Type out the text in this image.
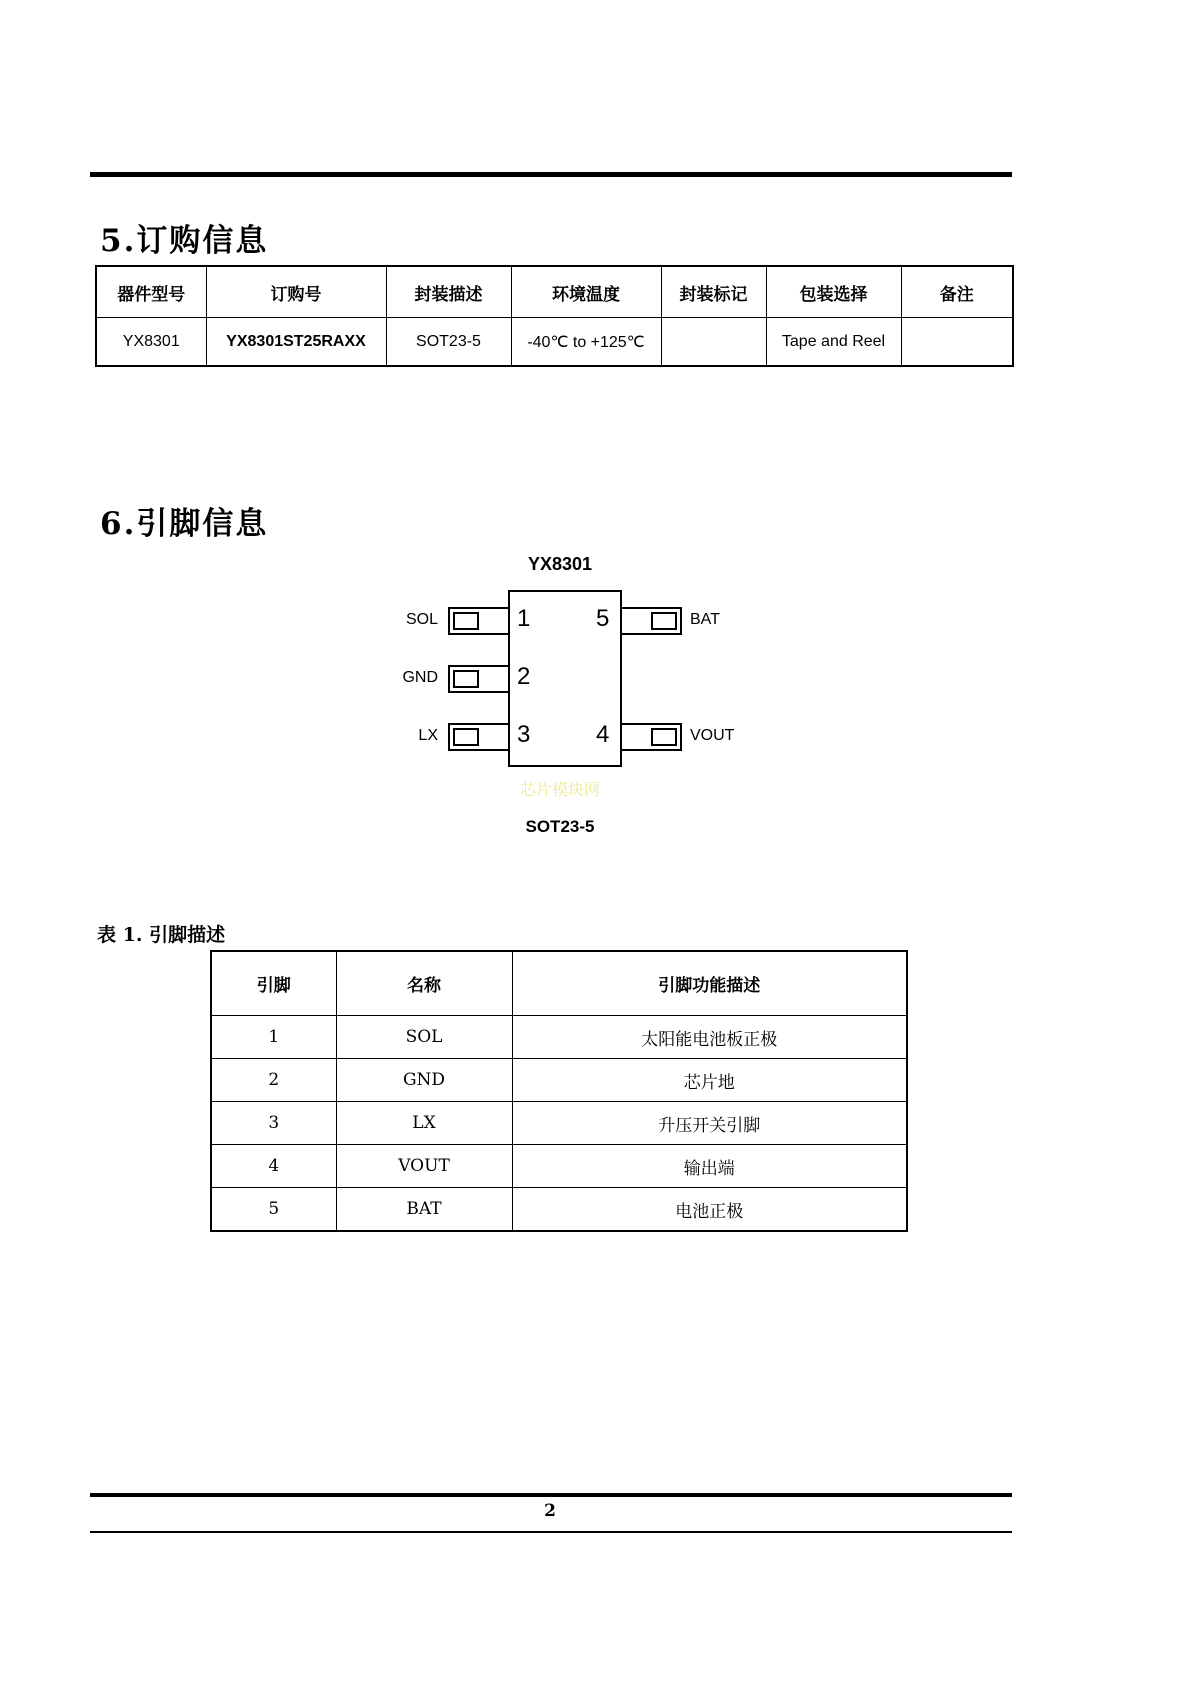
5.订购信息
器件型号	订购号	封装描述	环境温度	封装标记	包装选择	备注
YX8301	YX8301ST25RAXX	SOT23-5	-40℃ to +125℃		Tape and Reel	
6.引脚信息
YX8301
1
2
3
5
4
SOL
GND
LX
BAT
VOUT
芯片模块网
SOT23-5
表 1. 引脚描述
引脚	名称	引脚功能描述
1	SOL	太阳能电池板正极
2	GND	芯片地
3	LX	升压开关引脚
4	VOUT	输出端
5	BAT	电池正极
2
